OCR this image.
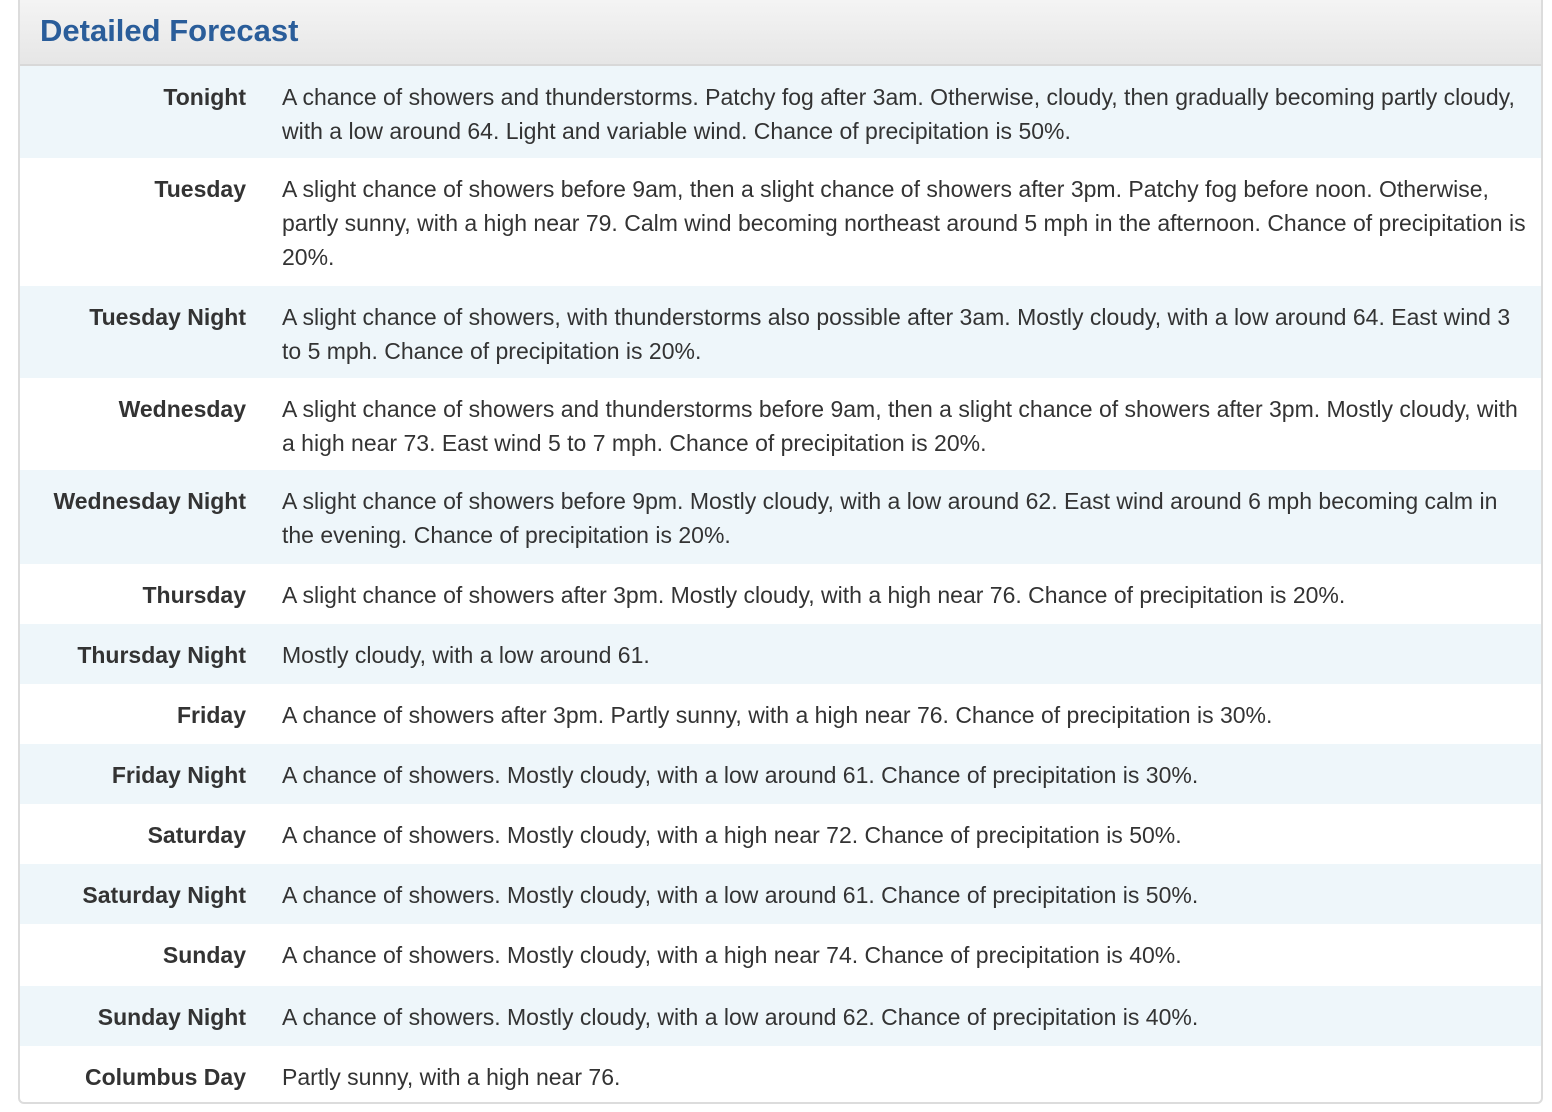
Detailed Forecast
Tonight A chance of showers and thunderstorms. Patchy fog after 3am. Otherwise, cloudy, then gradually becoming partly cloudy, with a low around 64. Light and variable wind. Chance of precipitation is 50%.
Tuesday A slight chance of showers before 9am, then a slight chance of showers after 3pm. Patchy fog before noon. Otherwise, partly sunny, with a high near 79. Calm wind becoming northeast around 5 mph in the afternoon. Chance of precipitation is 20%.
Tuesday Night A slight chance of showers, with thunderstorms also possible after 3am. Mostly cloudy, with a low around 64. East wind 3 to 5 mph. Chance of precipitation is 20%.
Wednesday A slight chance of showers and thunderstorms before 9am, then a slight chance of showers after 3pm. Mostly cloudy, with a high near 73. East wind 5 to 7 mph. Chance of precipitation is 20%.
Wednesday Night A slight chance of showers before 9pm. Mostly cloudy, with a low around 62. East wind around 6 mph becoming calm in the evening. Chance of precipitation is 20%.
Thursday A slight chance of showers after 3pm. Mostly cloudy, with a high near 76. Chance of precipitation is 20%.
Thursday Night Mostly cloudy, with a low around 61.
Friday A chance of showers after 3pm. Partly sunny, with a high near 76. Chance of precipitation is 30%.
Friday Night A chance of showers. Mostly cloudy, with a low around 61. Chance of precipitation is 30%.
Saturday A chance of showers. Mostly cloudy, with a high near 72. Chance of precipitation is 50%.
Saturday Night A chance of showers. Mostly cloudy, with a low around 61. Chance of precipitation is 50%.
Sunday A chance of showers. Mostly cloudy, with a high near 74. Chance of precipitation is 40%.
Sunday Night A chance of showers. Mostly cloudy, with a low around 62. Chance of precipitation is 40%.
Columbus Day Partly sunny, with a high near 76.
